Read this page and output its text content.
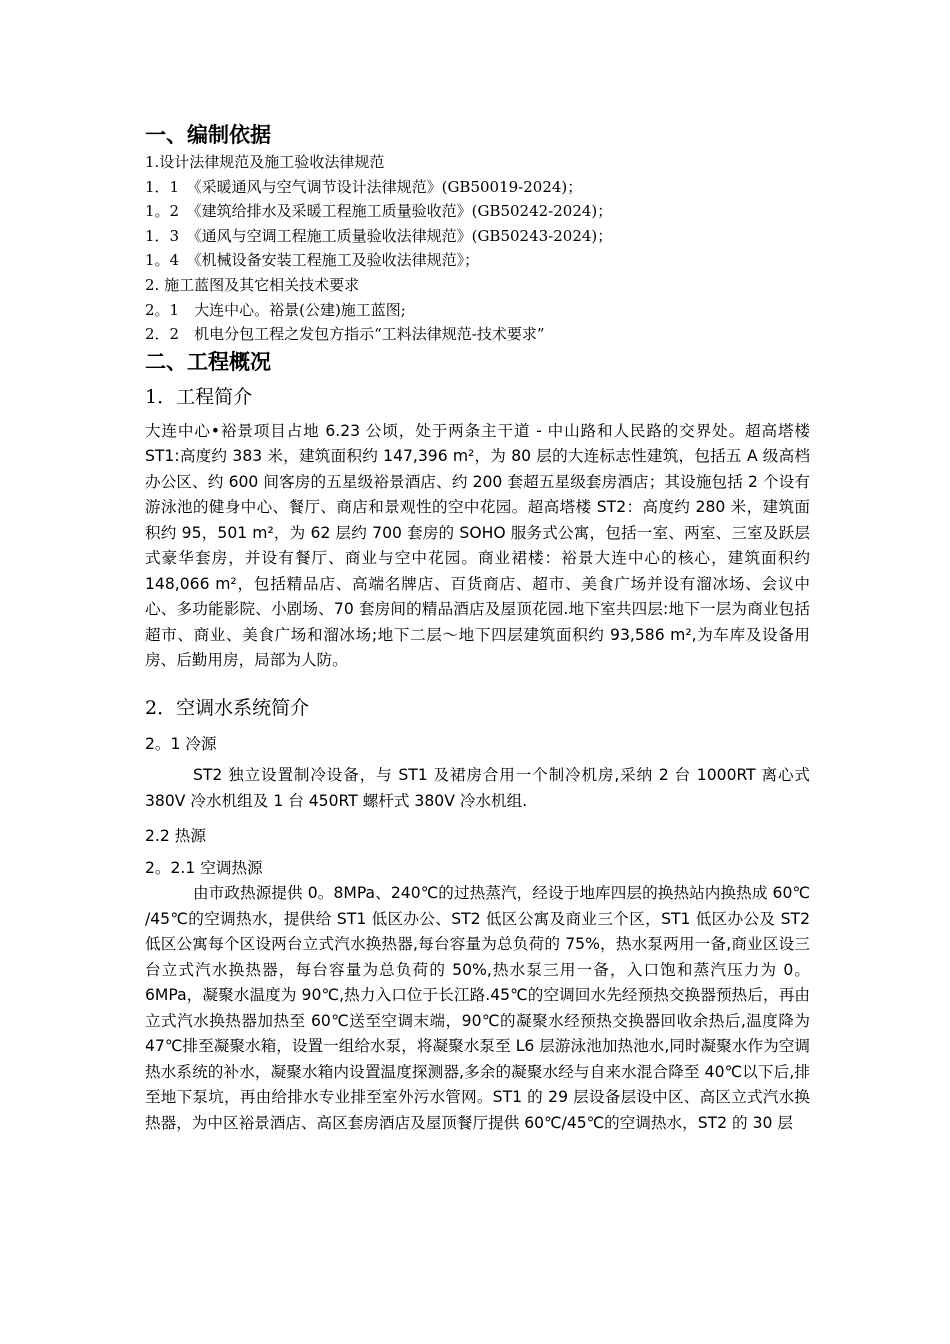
一、编制依据

1.设计法律规范及施工验收法律规范

1．1　《采暖通风与空气调节设计法律规范》(GB50019-2024)；

1。2　《建筑给排水及采暖工程施工质量验收范》(GB50242-2024)；

1．3　《通风与空调工程施工质量验收法律规范》(GB50243-2024)；

1。4　《机械设备安装工程施工及验收法律规范》；

2. 施工蓝图及其它相关技术要求

2。1　大连中心。裕景(公建)施工蓝图;

2．2　机电分包工程之发包方指示“工料法律规范-技术要求”

二、工程概况
1．工程简介

大连中心•裕景项目占地 6.23 公顷，处于两条主干道 - 中山路和人民路的交界处。超高塔楼 ST1:高度约 383 米，建筑面积约 147,396 m²，为 80 层的大连标志性建筑，包括五 A 级高档办公区、约 600 间客房的五星级裕景酒店、约 200 套超五星级套房酒店；其设施包括 2 个设有游泳池的健身中心、餐厅、商店和景观性的空中花园。超高塔楼 ST2：高度约 280 米，建筑面积约 95，501 m²，为 62 层约 700 套房的 SOHO 服务式公寓，包括一室、两室、三室及跃层式豪华套房，并设有餐厅、商业与空中花园。商业裙楼：裕景大连中心的核心，建筑面积约 148,066 m²，包括精品店、高端名牌店、百货商店、超市、美食广场并设有溜冰场、会议中心、多功能影院、小剧场、70 套房间的精品酒店及屋顶花园.地下室共四层:地下一层为商业包括超市、商业、美食广场和溜冰场;地下二层～地下四层建筑面积约 93,586 m²,为车库及设备用房、后勤用房，局部为人防。

2．空调水系统简介

2。1 冷源

ST2 独立设置制冷设备，与 ST1 及裙房合用一个制冷机房,采纳 2 台 1000RT 离心式 380V 冷水机组及 1 台 450RT 螺杆式 380V 冷水机组.

2.2 热源

2。2.1 空调热源

由市政热源提供 0。8MPa、240℃的过热蒸汽，经设于地库四层的换热站内换热成 60℃ /45℃的空调热水，提供给 ST1 低区办公、ST2 低区公寓及商业三个区，ST1 低区办公及 ST2 低区公寓每个区设两台立式汽水换热器,每台容量为总负荷的 75%，热水泵两用一备,商业区设三台立式汽水换热器，每台容量为总负荷的 50%,热水泵三用一备，入口饱和蒸汽压力为 0。6MPa，凝聚水温度为 90℃,热力入口位于长江路.45℃的空调回水先经预热交换器预热后，再由立式汽水换热器加热至 60℃送至空调末端，90℃的凝聚水经预热交换器回收余热后,温度降为 47℃排至凝聚水箱，设置一组给水泵，将凝聚水泵至 L6 层游泳池加热池水,同时凝聚水作为空调热水系统的补水，凝聚水箱内设置温度探测器,多余的凝聚水经与自来水混合降至 40℃以下后,排至地下泵坑，再由给排水专业排至室外污水管网。ST1 的 29 层设备层设中区、高区立式汽水换热器，为中区裕景酒店、高区套房酒店及屋顶餐厅提供 60℃/45℃的空调热水，ST2 的 30 层
